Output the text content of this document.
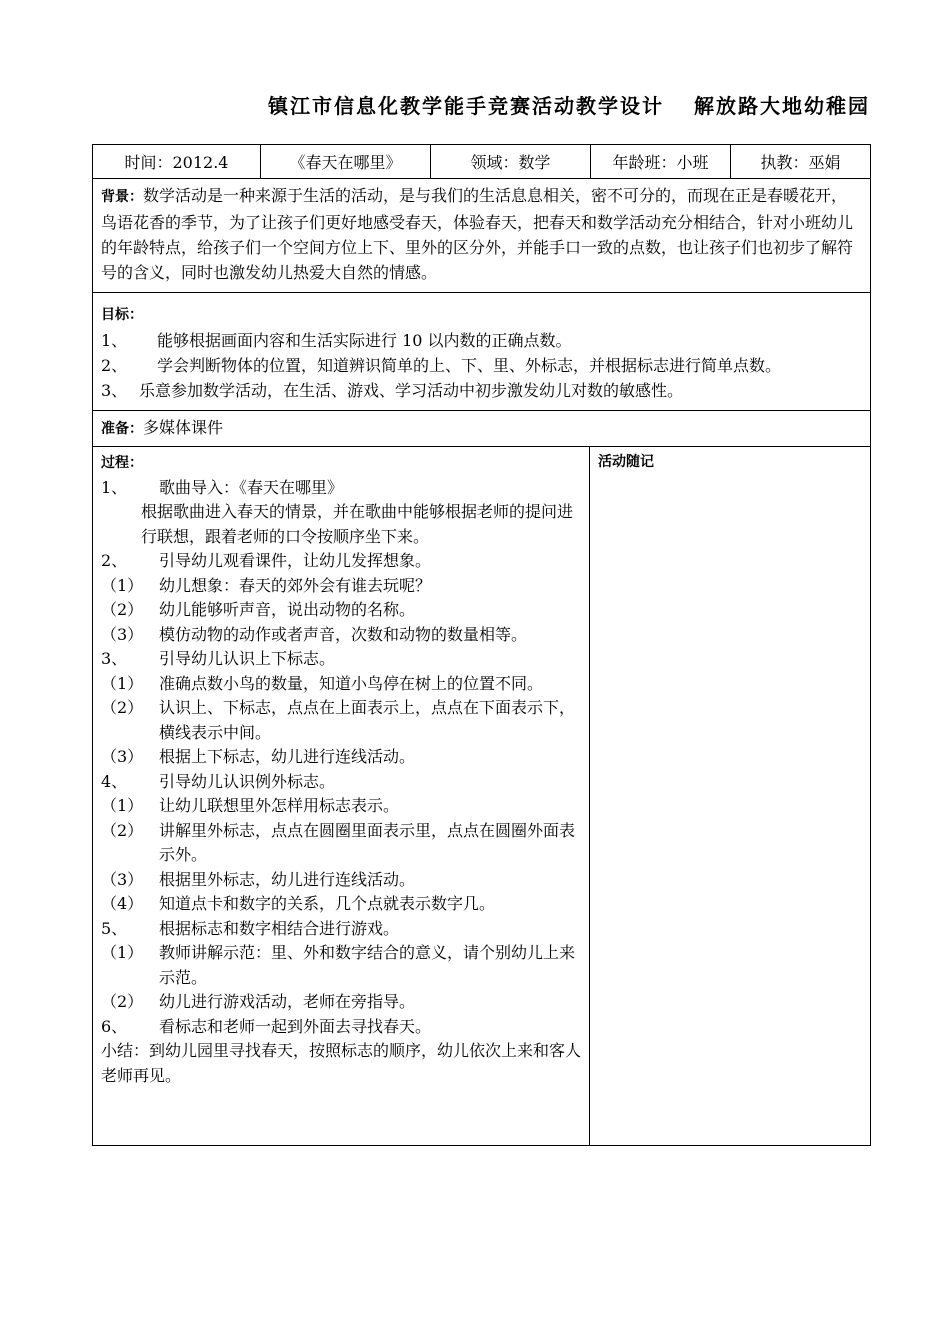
镇江市信息化教学能手竞赛活动教学设计 解放路大地幼稚园
时间：2012.4	《春天在哪里》	领域：数学	年龄班：小班	执教：巫娟
背景：数学活动是一种来源于生活的活动，是与我们的生活息息相关，密不可分的，而现在正是春暖花开，鸟语花香的季节，为了让孩子们更好地感受春天，体验春天，把春天和数学活动充分相结合，针对小班幼儿的年龄特点，给孩子们一个空间方位上下、里外的区分外，并能手口一致的点数，也让孩子们也初步了解符号的含义，同时也激发幼儿热爱大自然的情感。
目标：
1、	能够根据画面内容和生活实际进行 10 以内数的正确点数。
2、	学会判断物体的位置，知道辨识简单的上、下、里、外标志，并根据标志进行简单点数。
3、 乐意参加数学活动，在生活、游戏、学习活动中初步激发幼儿对数的敏感性。
准备：多媒体课件
过程：
1、	歌曲导入：《春天在哪里》
根据歌曲进入春天的情景，并在歌曲中能够根据老师的提问进行联想，跟着老师的口令按顺序坐下来。
2、	引导幼儿观看课件，让幼儿发挥想象。
（1） 幼儿想象：春天的郊外会有谁去玩呢？
（2） 幼儿能够听声音，说出动物的名称。
（3） 模仿动物的动作或者声音，次数和动物的数量相等。
3、	引导幼儿认识上下标志。
（1） 准确点数小鸟的数量，知道小鸟停在树上的位置不同。
（2） 认识上、下标志，点点在上面表示上，点点在下面表示下，横线表示中间。
（3） 根据上下标志，幼儿进行连线活动。
4、	引导幼儿认识例外标志。
（1） 让幼儿联想里外怎样用标志表示。
（2） 讲解里外标志，点点在圆圈里面表示里，点点在圆圈外面表示外。
（3） 根据里外标志，幼儿进行连线活动。
（4） 知道点卡和数字的关系，几个点就表示数字几。
5、	根据标志和数字相结合进行游戏。
（1） 教师讲解示范：里、外和数字结合的意义，请个别幼儿上来示范。
（2） 幼儿进行游戏活动，老师在旁指导。
6、	看标志和老师一起到外面去寻找春天。
小结：到幼儿园里寻找春天，按照标志的顺序，幼儿依次上来和客人老师再见。
活动随记
